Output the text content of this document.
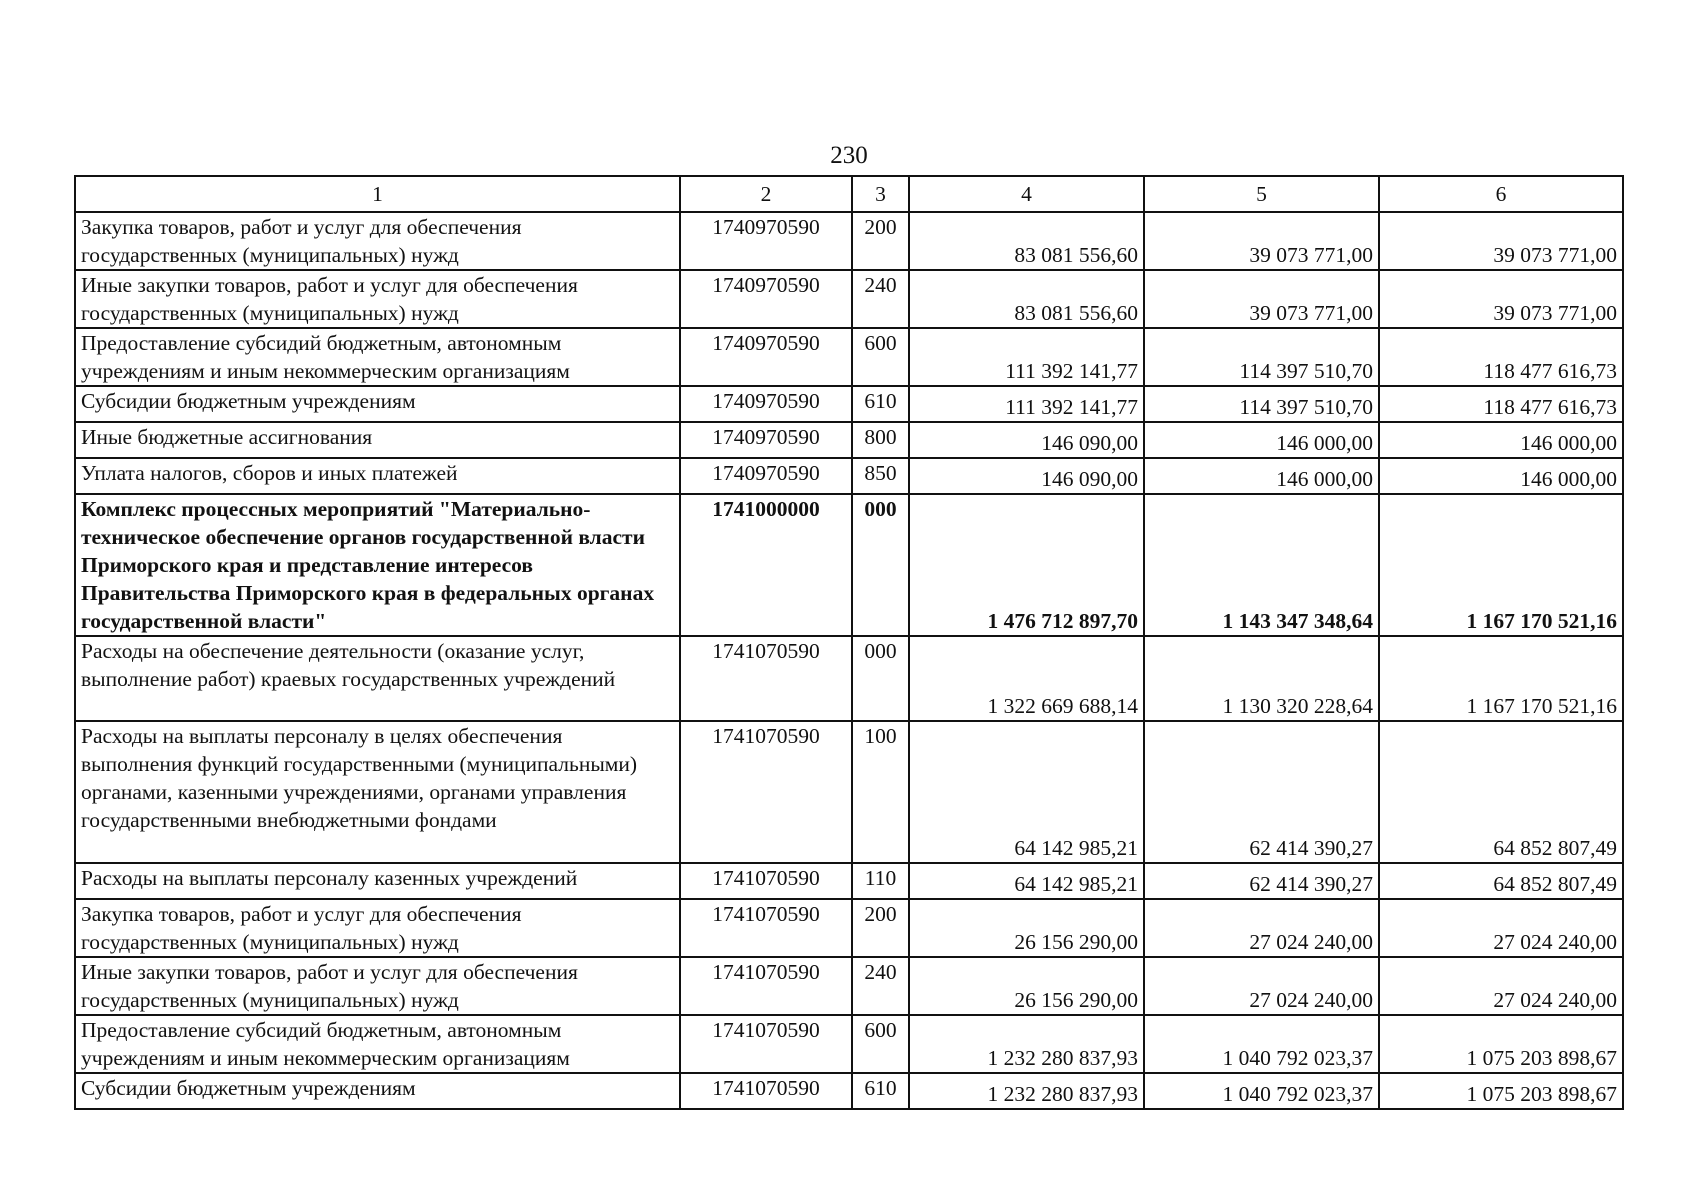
230
1	2	3	4	5	6
Закупка товаров, работ и услуг для обеспечения государственных (муниципальных) нужд	1740970590	200	83 081 556,60	39 073 771,00	39 073 771,00
Иные закупки товаров, работ и услуг для обеспечения государственных (муниципальных) нужд	1740970590	240	83 081 556,60	39 073 771,00	39 073 771,00
Предоставление субсидий бюджетным, автономным учреждениям и иным некоммерческим организациям	1740970590	600	111 392 141,77	114 397 510,70	118 477 616,73
Субсидии бюджетным учреждениям	1740970590	610	111 392 141,77	114 397 510,70	118 477 616,73
Иные бюджетные ассигнования	1740970590	800	146 090,00	146 000,00	146 000,00
Уплата налогов, сборов и иных платежей	1740970590	850	146 090,00	146 000,00	146 000,00
Комплекс процессных мероприятий "Материально-техническое обеспечение органов государственной власти Приморского края и представление интересов Правительства Приморского края в федеральных органах государственной власти"	1741000000	000	1 476 712 897,70	1 143 347 348,64	1 167 170 521,16
Расходы на обеспечение деятельности (оказание услуг, выполнение работ) краевых государственных учреждений	1741070590	000	1 322 669 688,14	1 130 320 228,64	1 167 170 521,16
Расходы на выплаты персоналу в целях обеспечения выполнения функций государственными (муниципальными) органами, казенными учреждениями, органами управления государственными внебюджетными фондами	1741070590	100	64 142 985,21	62 414 390,27	64 852 807,49
Расходы на выплаты персоналу казенных учреждений	1741070590	110	64 142 985,21	62 414 390,27	64 852 807,49
Закупка товаров, работ и услуг для обеспечения государственных (муниципальных) нужд	1741070590	200	26 156 290,00	27 024 240,00	27 024 240,00
Иные закупки товаров, работ и услуг для обеспечения государственных (муниципальных) нужд	1741070590	240	26 156 290,00	27 024 240,00	27 024 240,00
Предоставление субсидий бюджетным, автономным учреждениям и иным некоммерческим организациям	1741070590	600	1 232 280 837,93	1 040 792 023,37	1 075 203 898,67
Субсидии бюджетным учреждениям	1741070590	610	1 232 280 837,93	1 040 792 023,37	1 075 203 898,67
